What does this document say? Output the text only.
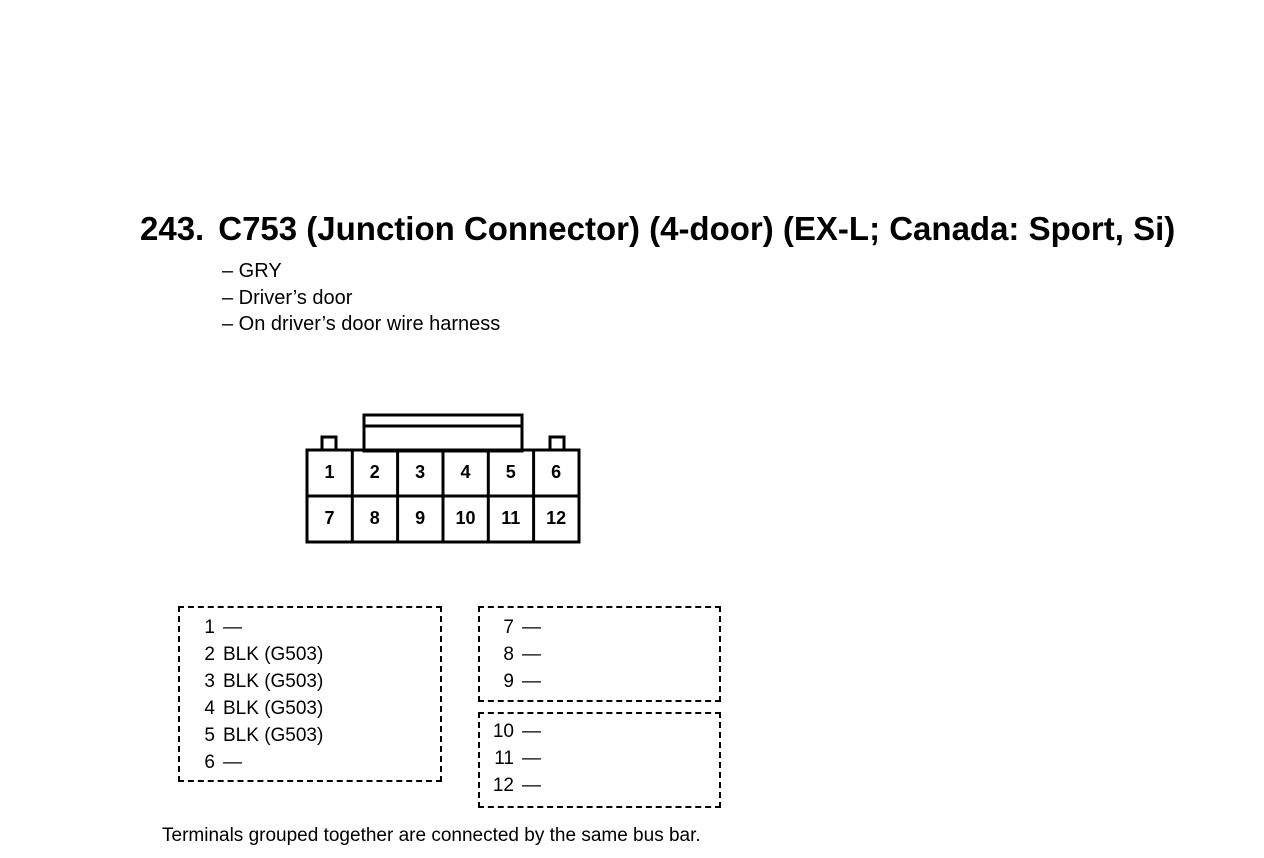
243. C753 (Junction Connector) (4-door) (EX-L; Canada: Sport, Si)
– GRY
– Driver’s door
– On driver’s door wire harness
1	2	3	4	5	6
7	8	9	10	11	12
1 —
2 BLK (G503)
3 BLK (G503)
4 BLK (G503)
5 BLK (G503)
6 —
7 —
8 —
9 —
10 —
11 —
12 —
Terminals grouped together are connected by the same bus bar.
